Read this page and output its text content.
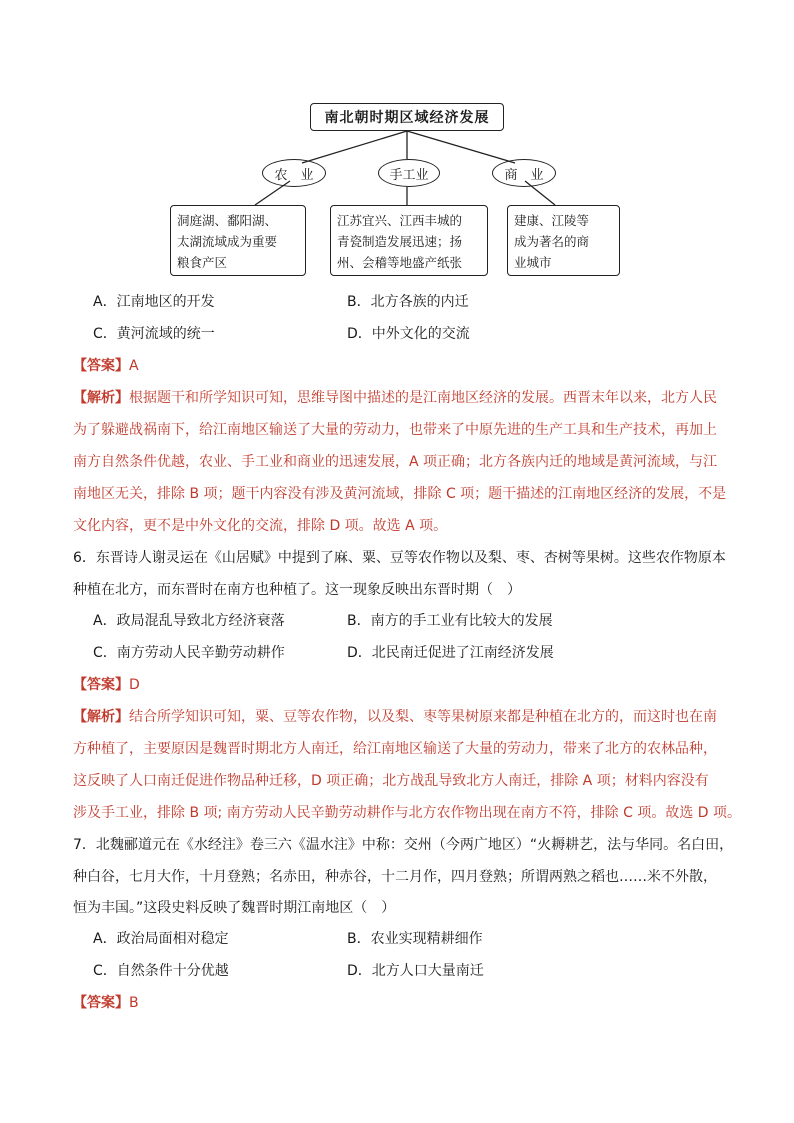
南北朝时期区域经济发展
农　业	手工业	商　业
洞庭湖、鄱阳湖、
太湖流域成为重要
粮食产区
江苏宜兴、江西丰城的
青瓷制造发展迅速；扬
州、会稽等地盛产纸张
建康、江陵等
成为著名的商
业城市
A．江南地区的开发	B．北方各族的内迁
C．黄河流域的统一	D．中外文化的交流
【答案】A
【解析】根据题干和所学知识可知，思维导图中描述的是江南地区经济的发展。西晋末年以来，北方人民
为了躲避战祸南下，给江南地区输送了大量的劳动力，也带来了中原先进的生产工具和生产技术，再加上
南方自然条件优越，农业、手工业和商业的迅速发展，A 项正确；北方各族内迁的地域是黄河流域，与江
南地区无关，排除 B 项；题干内容没有涉及黄河流域，排除 C 项；题干描述的江南地区经济的发展，不是
文化内容，更不是中外文化的交流，排除 D 项。故选 A 项。
6．东晋诗人谢灵运在《山居赋》中提到了麻、粟、豆等农作物以及梨、枣、杏树等果树。这些农作物原本
种植在北方，而东晋时在南方也种植了。这一现象反映出东晋时期（　）
A．政局混乱导致北方经济衰落	B．南方的手工业有比较大的发展
C．南方劳动人民辛勤劳动耕作	D．北民南迁促进了江南经济发展
【答案】D
【解析】结合所学知识可知，粟、豆等农作物，以及梨、枣等果树原来都是种植在北方的，而这时也在南
方种植了，主要原因是魏晋时期北方人南迁，给江南地区输送了大量的劳动力，带来了北方的农林品种，
这反映了人口南迁促进作物品种迁移，D 项正确；北方战乱导致北方人南迁，排除 A 项；材料内容没有
涉及手工业，排除 B 项; 南方劳动人民辛勤劳动耕作与北方农作物出现在南方不符，排除 C 项。故选 D 项。
7．北魏郦道元在《水经注》卷三六《温水注》中称：交州（今两广地区）“火耨耕艺，法与华同。名白田，
种白谷，七月大作，十月登熟；名赤田，种赤谷，十二月作，四月登熟；所谓两熟之稻也……米不外散，
恒为丰国。”这段史料反映了魏晋时期江南地区（　）
A．政治局面相对稳定	B．农业实现精耕细作
C．自然条件十分优越	D．北方人口大量南迁
【答案】B
